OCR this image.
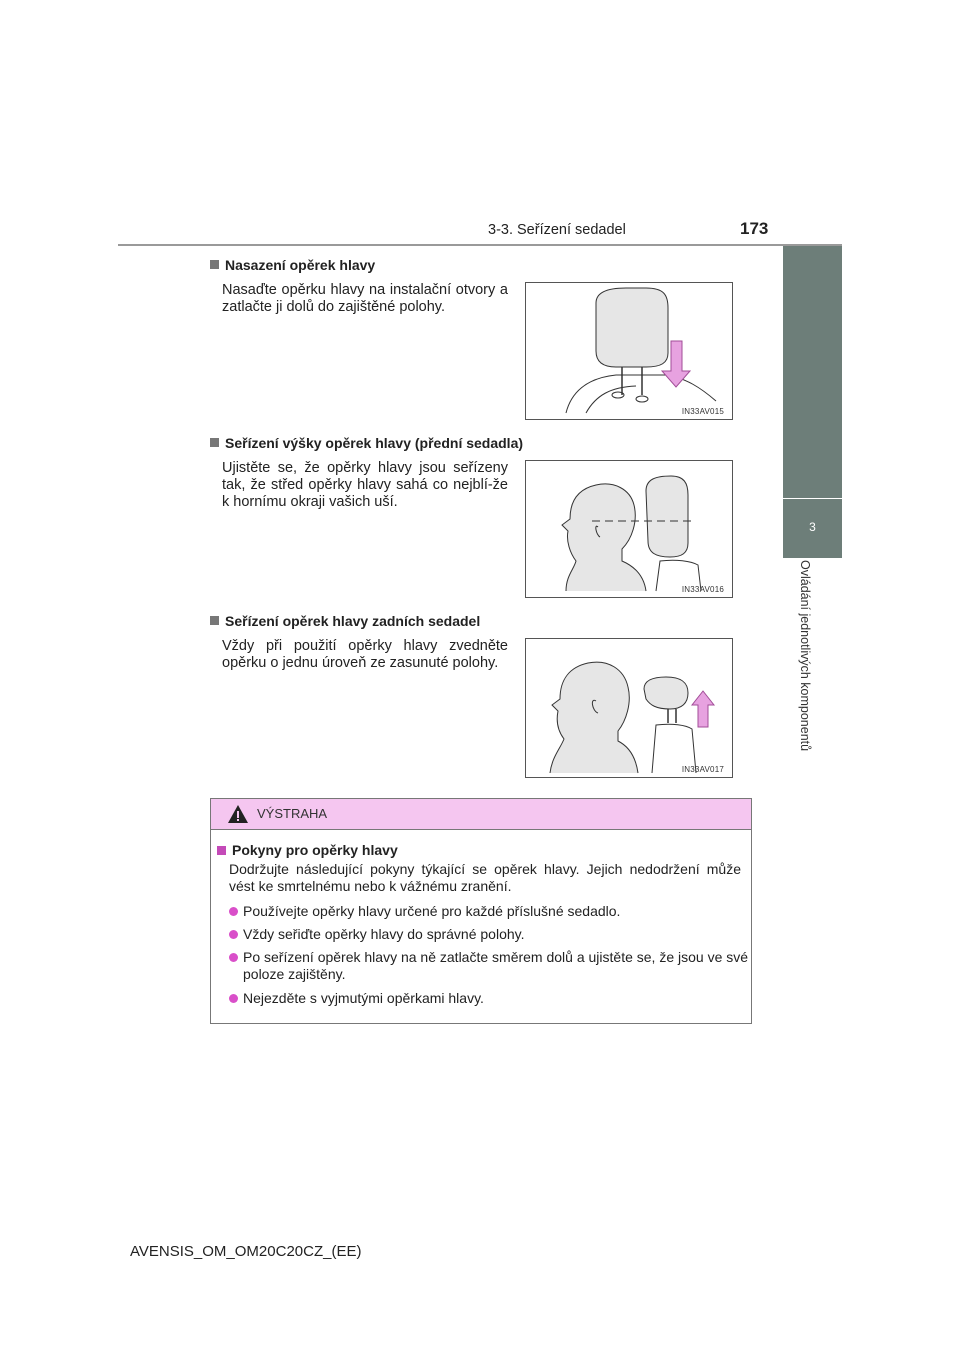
3-3. Seřízení sedadel	173
3
Ovládání jednotlivých komponentů
Nasazení opěrek hlavy
Nasaďte opěrku hlavy na instalační otvory a zatlačte ji dolů do zajištěné polohy.
IN33AV015
Seřízení výšky opěrek hlavy (přední sedadla)
Ujistěte se, že opěrky hlavy jsou seřízeny tak, že střed opěrky hlavy sahá co nejblí-že k hornímu okraji vašich uší.
IN33AV016
Seřízení opěrek hlavy zadních sedadel
Vždy při použití opěrky hlavy zvedněte opěrku o jednu úroveň ze zasunuté polohy.
IN33AV017
VÝSTRAHA
Pokyny pro opěrky hlavy
Dodržujte následující pokyny týkající se opěrek hlavy. Jejich nedodržení může vést ke smrtelnému nebo k vážnému zranění.
Používejte opěrky hlavy určené pro každé příslušné sedadlo.
Vždy seřiďte opěrky hlavy do správné polohy.
Po seřízení opěrek hlavy na ně zatlačte směrem dolů a ujistěte se, že jsou ve své poloze zajištěny.
Nejezděte s vyjmutými opěrkami hlavy.
AVENSIS_OM_OM20C20CZ_(EE)
